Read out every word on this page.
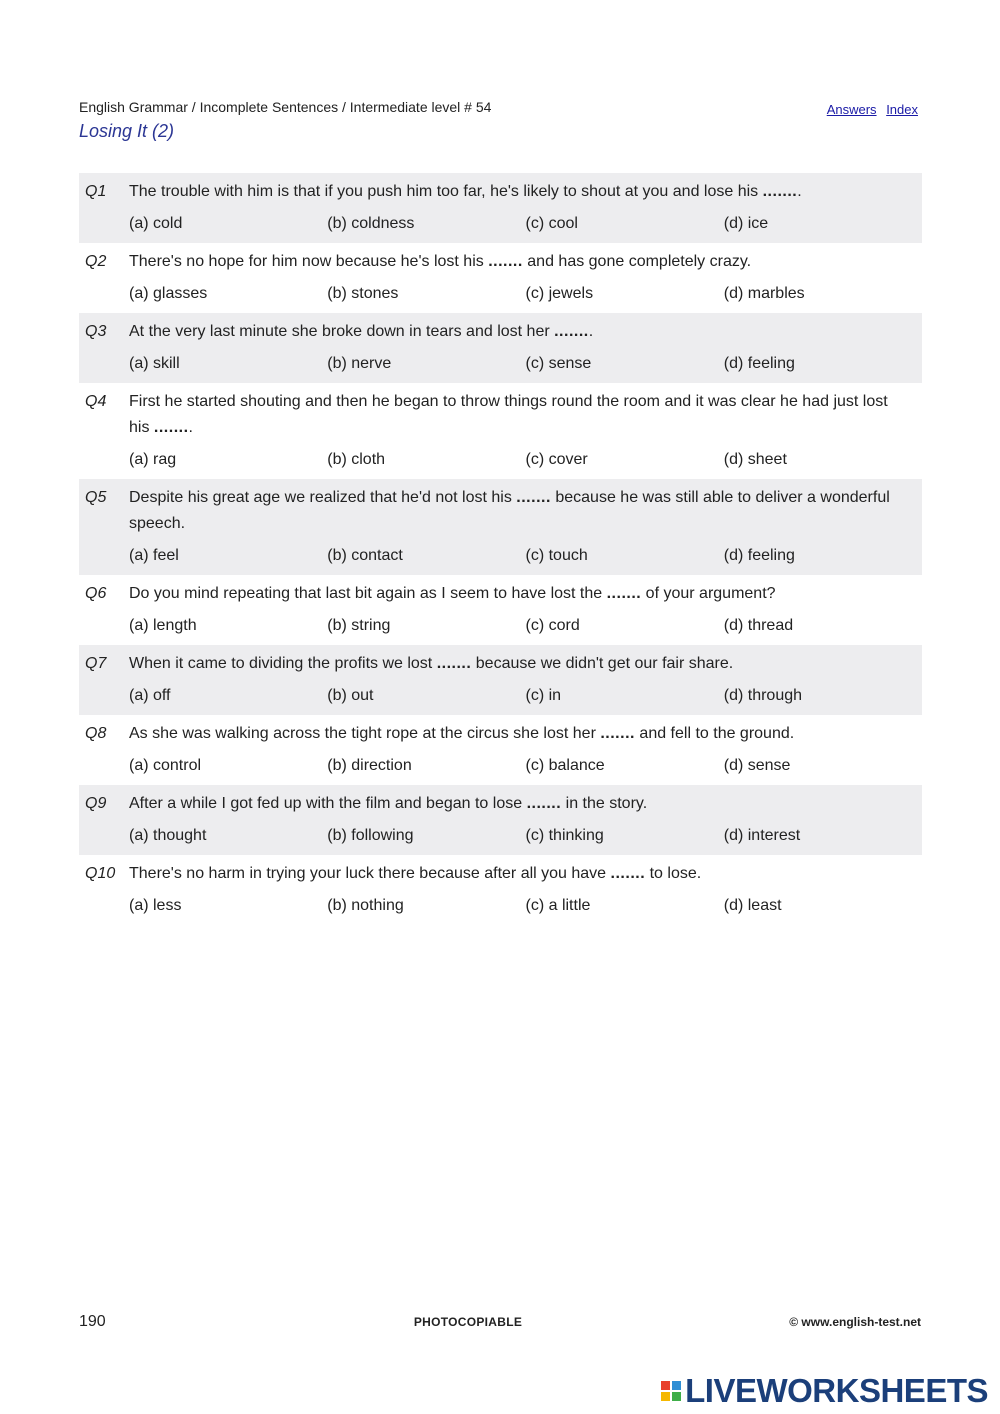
English Grammar / Incomplete Sentences / Intermediate level # 54	Answers Index
Losing It (2)
Q1 The trouble with him is that if you push him too far, he's likely to shout at you and lose his ........
(a) cold	(b) coldness	(c) cool	(d) ice
Q2 There's no hope for him now because he's lost his ....... and has gone completely crazy.
(a) glasses	(b) stones	(c) jewels	(d) marbles
Q3 At the very last minute she broke down in tears and lost her ........
(a) skill	(b) nerve	(c) sense	(d) feeling
Q4 First he started shouting and then he began to throw things round the room and it was clear he had just lost his ........
(a) rag	(b) cloth	(c) cover	(d) sheet
Q5 Despite his great age we realized that he'd not lost his ....... because he was still able to deliver a wonderful speech.
(a) feel	(b) contact	(c) touch	(d) feeling
Q6 Do you mind repeating that last bit again as I seem to have lost the ....... of your argument?
(a) length	(b) string	(c) cord	(d) thread
Q7 When it came to dividing the profits we lost ....... because we didn't get our fair share.
(a) off	(b) out	(c) in	(d) through
Q8 As she was walking across the tight rope at the circus she lost her ....... and fell to the ground.
(a) control	(b) direction	(c) balance	(d) sense
Q9 After a while I got fed up with the film and began to lose ....... in the story.
(a) thought	(b) following	(c) thinking	(d) interest
Q10 There's no harm in trying your luck there because after all you have ....... to lose.
(a) less	(b) nothing	(c) a little	(d) least
190	PHOTOCOPIABLE	© www.english-test.net
LIVEWORKSHEETS
